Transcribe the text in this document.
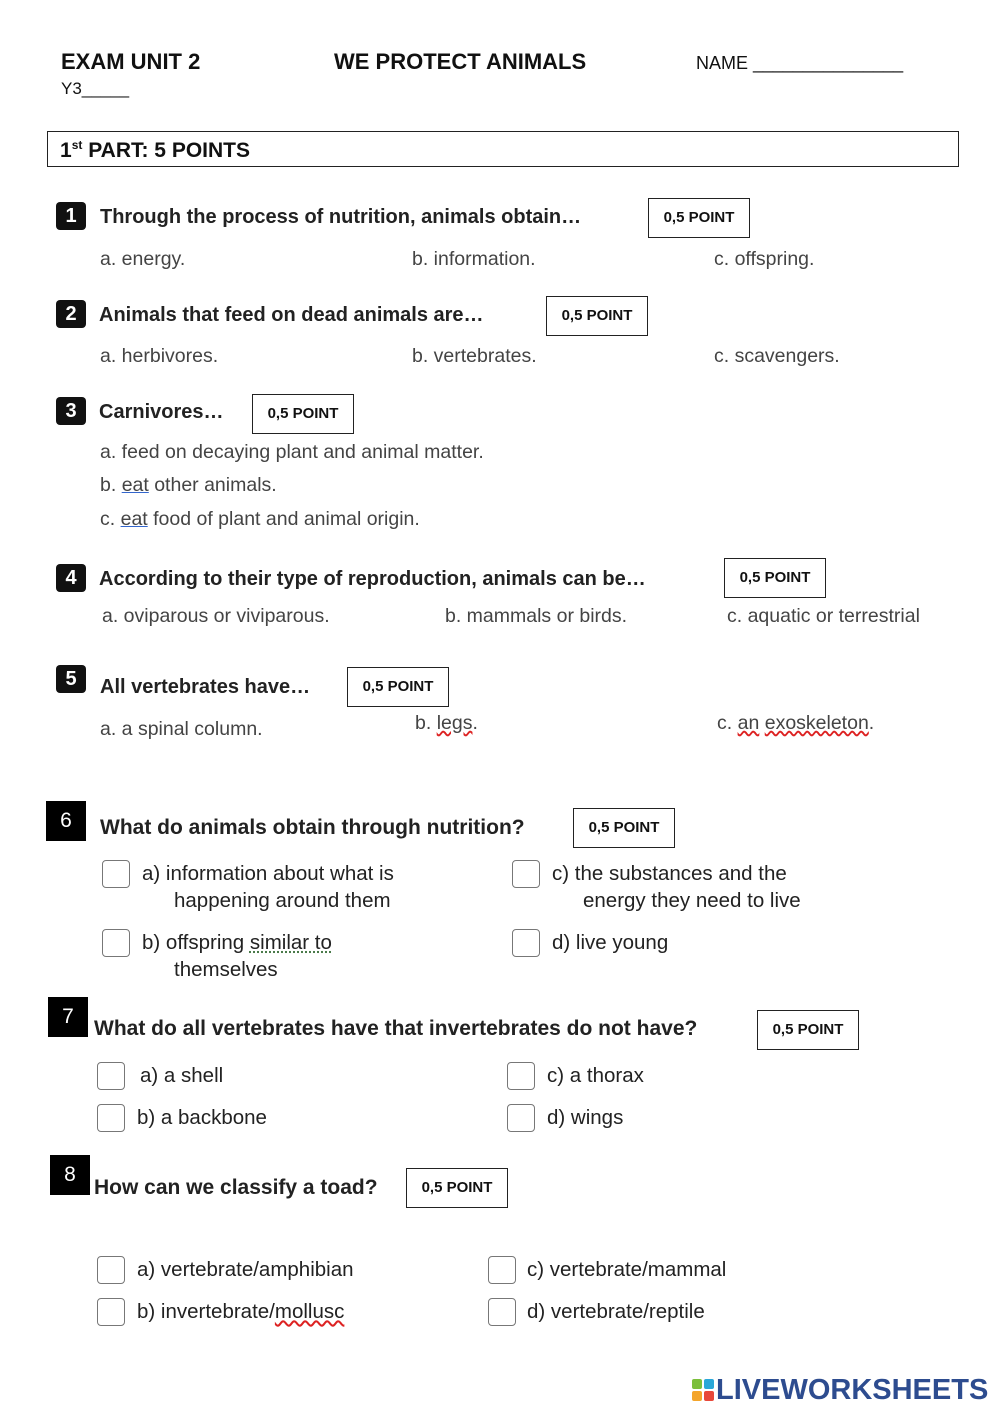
EXAM UNIT 2	WE PROTECT ANIMALS	NAME _______________
Y3_____
1st PART: 5 POINTS
1	Through the process of nutrition, animals obtain…	0,5 POINT
a. energy.	b. information.	c. offspring.
2	Animals that feed on dead animals are…	0,5 POINT
a. herbivores.	b. vertebrates.	c. scavengers.
3	Carnivores…	0,5 POINT
a. feed on decaying plant and animal matter.
b. eat other animals.
c. eat food of plant and animal origin.
4	According to their type of reproduction, animals can be…	0,5 POINT
a. oviparous or viviparous.	b. mammals or birds.	c. aquatic or terrestrial
5	All vertebrates have…	0,5 POINT
a. a spinal column.	b. legs.	c. an exoskeleton.
6	What do animals obtain through nutrition?	0,5 POINT
a) information about what is
happening around them
b) offspring similar to
themselves
c) the substances and the
energy they need to live
d) live young
7
What do all vertebrates have that invertebrates do not have?	0,5 POINT
a) a shell
b) a backbone
c) a thorax
d) wings
8
How can we classify a toad?	0,5 POINT
a) vertebrate/amphibian
b) invertebrate/mollusc
c) vertebrate/mammal
d) vertebrate/reptile
LIVEWORKSHEETS
